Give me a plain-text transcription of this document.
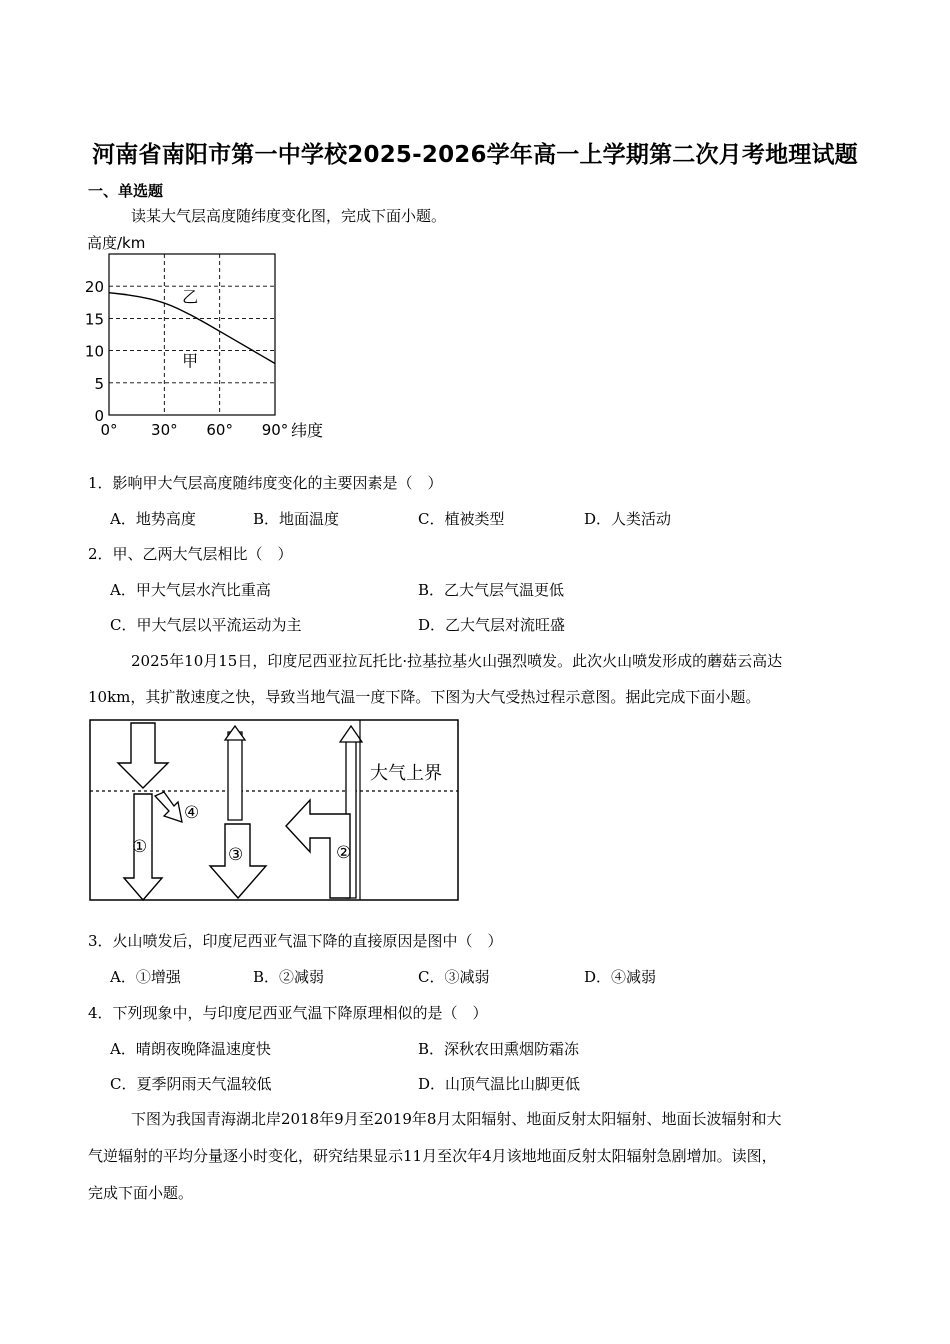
河南省南阳市第一中学校2025-2026学年高一上学期第二次月考地理试题
一、单选题
读某大气层高度随纬度变化图，完成下面小题。
高度/km
0
5
10
15
20
0° 30° 60° 90° 纬度
乙
甲
1．影响甲大气层高度随纬度变化的主要因素是（　）
A．地势高度	B．地面温度	C．植被类型	D．人类活动
2．甲、乙两大气层相比（　）
A．甲大气层水汽比重高	B．乙大气层气温更低
C．甲大气层以平流运动为主	D．乙大气层对流旺盛
2025年10月15日，印度尼西亚拉瓦托比·拉基拉基火山强烈喷发。此次火山喷发形成的蘑菇云高达
10km，其扩散速度之快，导致当地气温一度下降。下图为大气受热过程示意图。据此完成下面小题。
大气上界
①
④
③	②
3．火山喷发后，印度尼西亚气温下降的直接原因是图中（　）
A．①增强	B．②减弱	C．③减弱	D．④减弱
4．下列现象中，与印度尼西亚气温下降原理相似的是（　）
A．晴朗夜晚降温速度快	B．深秋农田熏烟防霜冻
C．夏季阴雨天气温较低	D．山顶气温比山脚更低
下图为我国青海湖北岸2018年9月至2019年8月太阳辐射、地面反射太阳辐射、地面长波辐射和大
气逆辐射的平均分量逐小时变化，研究结果显示11月至次年4月该地地面反射太阳辐射急剧增加。读图，
完成下面小题。
